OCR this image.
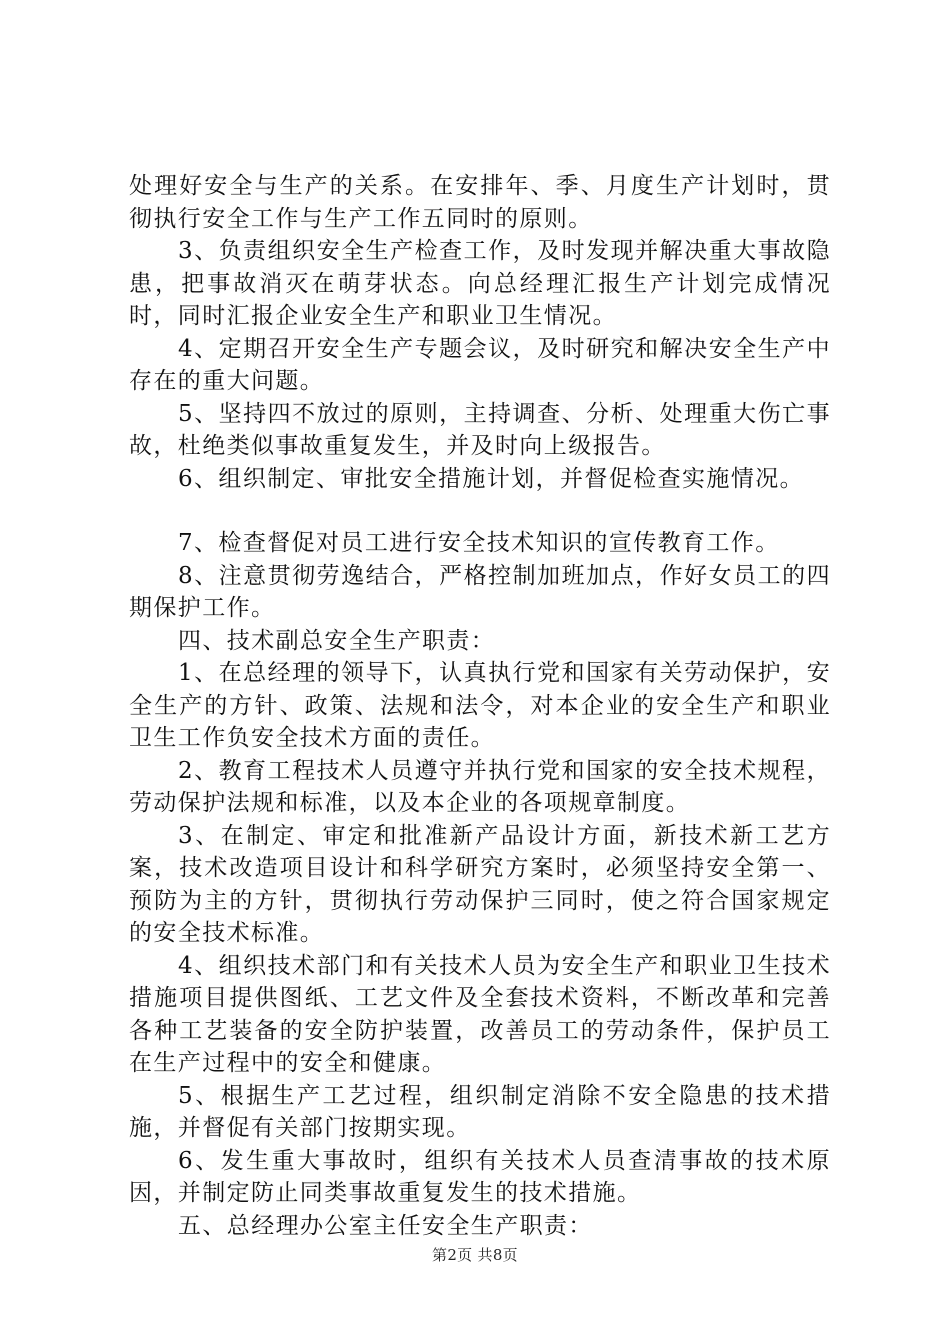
处理好安全与生产的关系。在安排年、季、月度生产计划时，贯彻执行安全工作与生产工作五同时的原则。

3、负责组织安全生产检查工作，及时发现并解决重大事故隐患，把事故消灭在萌芽状态。向总经理汇报生产计划完成情况时，同时汇报企业安全生产和职业卫生情况。

4、定期召开安全生产专题会议，及时研究和解决安全生产中存在的重大问题。

5、坚持四不放过的原则，主持调查、分析、处理重大伤亡事故，杜绝类似事故重复发生，并及时向上级报告。

6、组织制定、审批安全措施计划，并督促检查实施情况。

7、检查督促对员工进行安全技术知识的宣传教育工作。

8、注意贯彻劳逸结合，严格控制加班加点，作好女员工的四期保护工作。

四、技术副总安全生产职责：

1、在总经理的领导下，认真执行党和国家有关劳动保护，安全生产的方针、政策、法规和法令，对本企业的安全生产和职业卫生工作负安全技术方面的责任。

2、教育工程技术人员遵守并执行党和国家的安全技术规程，劳动保护法规和标准，以及本企业的各项规章制度。

3、在制定、审定和批准新产品设计方面，新技术新工艺方案，技术改造项目设计和科学研究方案时，必须坚持安全第一、预防为主的方针，贯彻执行劳动保护三同时，使之符合国家规定的安全技术标准。

4、组织技术部门和有关技术人员为安全生产和职业卫生技术措施项目提供图纸、工艺文件及全套技术资料，不断改革和完善各种工艺装备的安全防护装置，改善员工的劳动条件，保护员工在生产过程中的安全和健康。

5、根据生产工艺过程，组织制定消除不安全隐患的技术措施，并督促有关部门按期实现。

6、发生重大事故时，组织有关技术人员查清事故的技术原因，并制定防止同类事故重复发生的技术措施。

五、总经理办公室主任安全生产职责：

第2页 共8页
